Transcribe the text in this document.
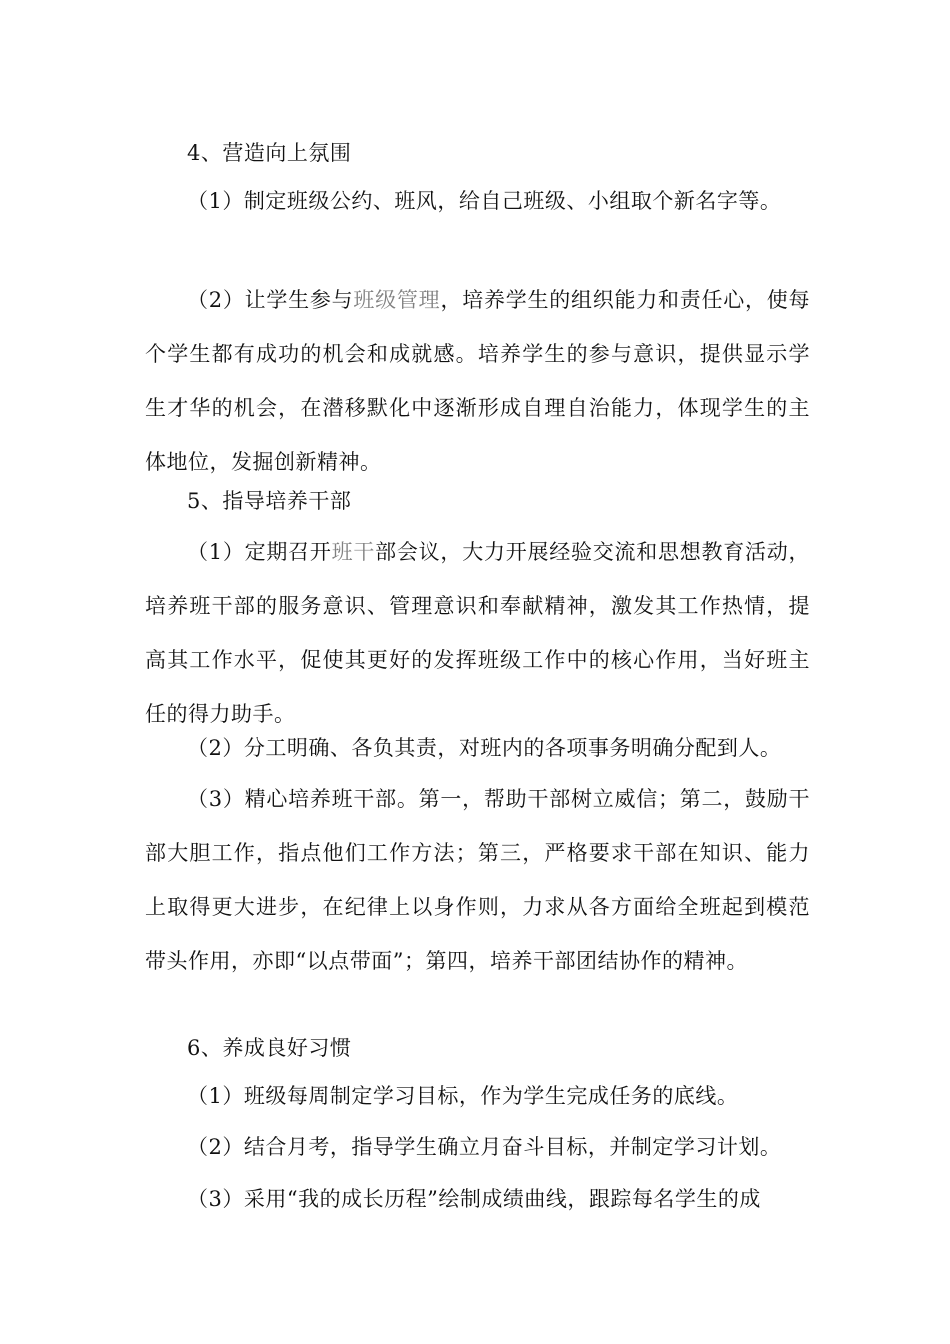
4、营造向上氛围

（1）制定班级公约、班风，给自己班级、小组取个新名字等。

（2）让学生参与班级管理，培养学生的组织能力和责任心，使每个学生都有成功的机会和成就感。培养学生的参与意识，提供显示学生才华的机会，在潜移默化中逐渐形成自理自治能力，体现学生的主体地位，发掘创新精神。

5、指导培养干部

（1）定期召开班干部会议，大力开展经验交流和思想教育活动，培养班干部的服务意识、管理意识和奉献精神，激发其工作热情，提高其工作水平，促使其更好的发挥班级工作中的核心作用，当好班主任的得力助手。

（2）分工明确、各负其责，对班内的各项事务明确分配到人。

（3）精心培养班干部。第一，帮助干部树立威信；第二，鼓励干部大胆工作，指点他们工作方法；第三，严格要求干部在知识、能力上取得更大进步，在纪律上以身作则，力求从各方面给全班起到模范带头作用，亦即“以点带面”；第四，培养干部团结协作的精神。

6、养成良好习惯

（1）班级每周制定学习目标，作为学生完成任务的底线。

（2）结合月考，指导学生确立月奋斗目标，并制定学习计划。

（3）采用“我的成长历程”绘制成绩曲线，跟踪每名学生的成
